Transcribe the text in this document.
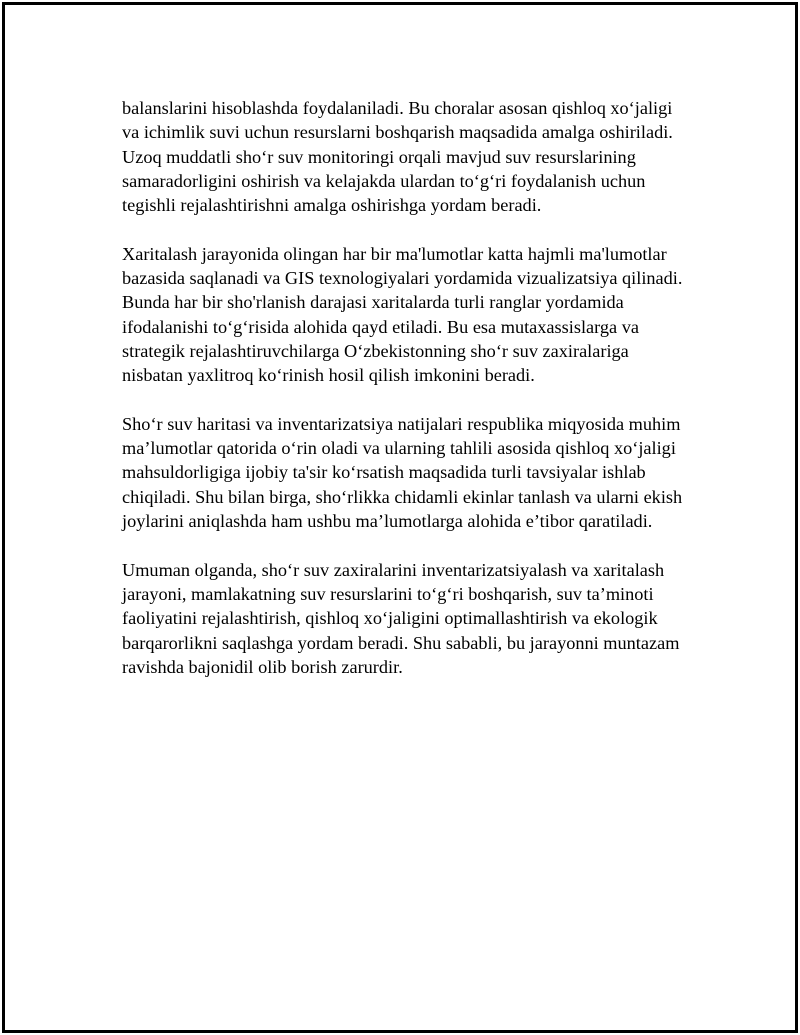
balanslarini hisoblashda foydalaniladi. Bu choralar asosan qishloq xoʻjaligi
va ichimlik suvi uchun resurslarni boshqarish maqsadida amalga oshiriladi.
Uzoq muddatli shoʻr suv monitoringi orqali mavjud suv resurslarining
samaradorligini oshirish va kelajakda ulardan toʻgʻri foydalanish uchun
tegishli rejalashtirishni amalga oshirishga yordam beradi.

Xaritalash jarayonida olingan har bir ma'lumotlar katta hajmli ma'lumotlar
bazasida saqlanadi va GIS texnologiyalari yordamida vizualizatsiya qilinadi.
Bunda har bir sho'rlanish darajasi xaritalarda turli ranglar yordamida
ifodalanishi toʻgʻrisida alohida qayd etiladi. Bu esa mutaxassislarga va
strategik rejalashtiruvchilarga Oʻzbekistonning shoʻr suv zaxiralariga
nisbatan yaxlitroq koʻrinish hosil qilish imkonini beradi.

Shoʻr suv haritasi va inventarizatsiya natijalari respublika miqyosida muhim
ma’lumotlar qatorida oʻrin oladi va ularning tahlili asosida qishloq xoʻjaligi
mahsuldorligiga ijobiy ta'sir koʻrsatish maqsadida turli tavsiyalar ishlab
chiqiladi. Shu bilan birga, shoʻrlikka chidamli ekinlar tanlash va ularni ekish
joylarini aniqlashda ham ushbu ma’lumotlarga alohida e’tibor qaratiladi.

Umuman olganda, shoʻr suv zaxiralarini inventarizatsiyalash va xaritalash
jarayoni, mamlakatning suv resurslarini toʻgʻri boshqarish, suv ta’minoti
faoliyatini rejalashtirish, qishloq xoʻjaligini optimallashtirish va ekologik
barqarorlikni saqlashga yordam beradi. Shu sababli, bu jarayonni muntazam
ravishda bajonidil olib borish zarurdir.
